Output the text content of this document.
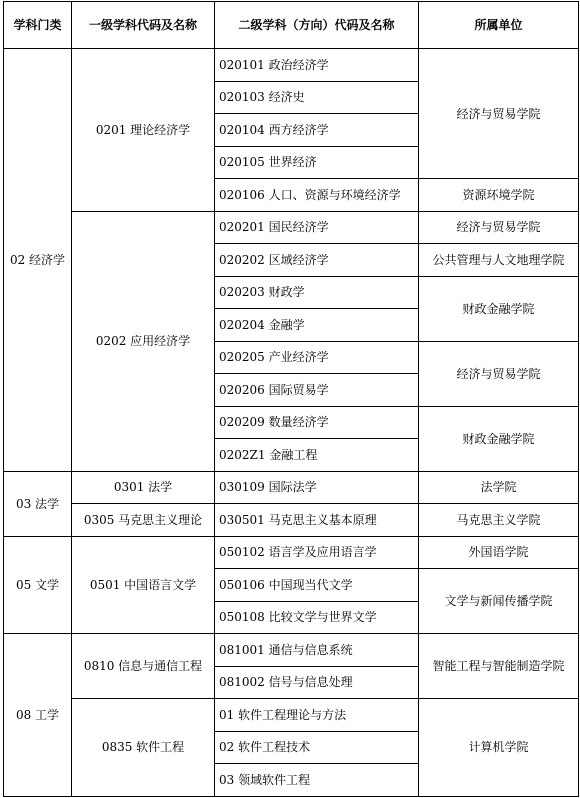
学科门类	一级学科代码及名称	二级学科（方向）代码及名称	所属单位
02 经济学	0201 理论经济学	020101 政治经济学	经济与贸易学院
		020103 经济史	
		020104 西方经济学	
		020105 世界经济	
		020106 人口、资源与环境经济学	资源环境学院
	0202 应用经济学	020201 国民经济学	经济与贸易学院
		020202 区域经济学	公共管理与人文地理学院
		020203 财政学	财政金融学院
		020204 金融学	
		020205 产业经济学	经济与贸易学院
		020206 国际贸易学	
		020209 数量经济学	财政金融学院
		0202Z1 金融工程	
03 法学	0301 法学	030109 国际法学	法学院
	0305 马克思主义理论	030501 马克思主义基本原理	马克思主义学院
05 文学	0501 中国语言文学	050102 语言学及应用语言学	外国语学院
		050106 中国现当代文学	文学与新闻传播学院
		050108 比较文学与世界文学	
08 工学	0810 信息与通信工程	081001 通信与信息系统	智能工程与智能制造学院
		081002 信号与信息处理	
	0835 软件工程	01 软件工程理论与方法	计算机学院
		02 软件工程技术	
		03 领域软件工程	
